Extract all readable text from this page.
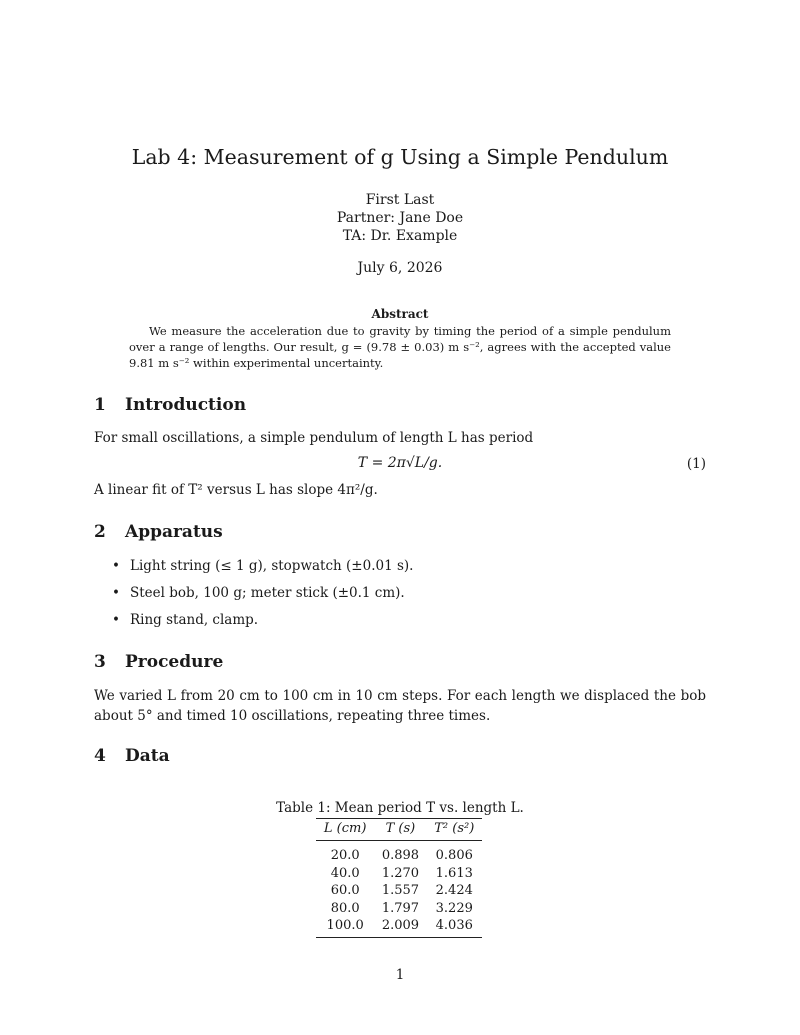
Lab 4: Measurement of g Using a Simple Pendulum
First Last
Partner: Jane Doe
TA: Dr. Example
July 6, 2026
Abstract
We measure the acceleration due to gravity by timing the period of a simple pendulum over a range of lengths. Our result, g = (9.78 ± 0.03) m s⁻², agrees with the accepted value 9.81 m s⁻² within experimental uncertainty.
1 Introduction
For small oscillations, a simple pendulum of length L has period
T = 2π√L/g.	(1)
A linear fit of T² versus L has slope 4π²/g.
2 Apparatus
• Light string (≤ 1 g), stopwatch (±0.01 s).
• Steel bob, 100 g; meter stick (±0.1 cm).
• Ring stand, clamp.
3 Procedure
We varied L from 20 cm to 100 cm in 10 cm steps. For each length we displaced the bob about 5° and timed 10 oscillations, repeating three times.
4 Data
Table 1: Mean period T vs. length L.
L (cm)	T (s)	T² (s²)
20.0	0.898	0.806
40.0	1.270	1.613
60.0	1.557	2.424
80.0	1.797	3.229
100.0	2.009	4.036
1
